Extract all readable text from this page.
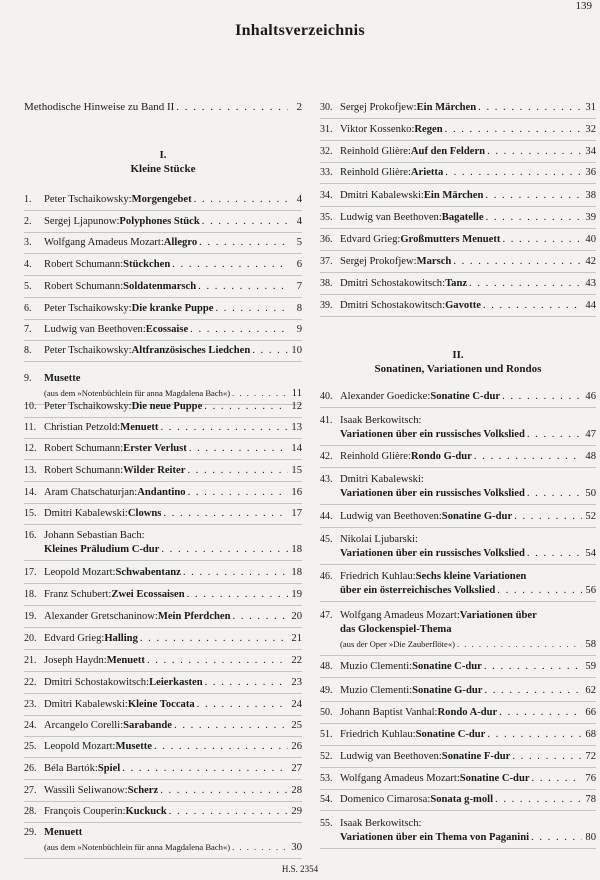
139
Inhaltsverzeichnis
Methodische Hinweise zu Band II . . .	2
I.
Kleine Stücke
1.	Peter Tschaikowsky: Morgengebet . . .	4
2.	Sergej Ljapunow: Polyphones Stück . . .	4
3.	Wolfgang Amadeus Mozart: Allegro . . .	5
4.	Robert Schumann: Stückchen . . .	6
5.	Robert Schumann: Soldatenmarsch . . .	7
6.	Peter Tschaikowsky: Die kranke Puppe . . .	8
7.	Ludwig van Beethoven: Ecossaise . . .	9
8.	Peter Tschaikowsky: Altfranzösisches Liedchen . . .	10
9.	Musette
(aus dem »Notenbüchlein für anna Magdalena Bach«) . . .	11
10. Peter Tschaikowsky: Die neue Puppe . . .	12
11. Christian Petzold: Menuett . . .	13
12. Robert Schumann: Erster Verlust . . .	14
13. Robert Schumann: Wilder Reiter . . .	15
14. Aram Chatschaturjan: Andantino . . .	16
15. Dmitri Kabalewski: Clowns . . .	17
16. Johann Sebastian Bach:
Kleines Präludium C-dur . . .	18
17. Leopold Mozart: Schwabentanz . . .	18
18. Franz Schubert: Zwei Ecossaisen . . .	19
19. Alexander Gretschaninow: Mein Pferdchen . . .	20
20. Edvard Grieg: Halling . . .	21
21. Joseph Haydn: Menuett . . .	22
22. Dmitri Schostakowitsch: Leierkasten . . .	23
23. Dmitri Kabalewski: Kleine Toccata . . .	24
24. Arcangelo Corelli: Sarabande . . .	25
25. Leopold Mozart: Musette . . .	26
26. Béla Bartók: Spiel . . .	27
27. Wassili Seliwanow: Scherz . . .	28
28. François Couperin: Kuckuck . . .	29
29. Menuett
(aus dem »Notenbüchlein für anna Magdalena Bach«) . . .	30
II.
Sonatinen, Variationen und Rondos
30. Sergej Prokofjew: Ein Märchen . . .	31
31. Viktor Kossenko: Regen . . .	32
32. Reinhold Glière: Auf den Feldern . . .	34
33. Reinhold Glière: Arietta . . .	36
34. Dmitri Kabalewski: Ein Märchen . . .	38
35. Ludwig van Beethoven: Bagatelle . . .	39
36. Edvard Grieg: Großmutters Menuett . . .	40
37. Sergej Prokofjew: Marsch . . .	42
38. Dmitri Schostakowitsch: Tanz . . .	43
39. Dmitri Schostakowitsch: Gavotte . . .	44
40. Alexander Goedicke: Sonatine C-dur . . .	46
41. Isaak Berkowitsch:
Variationen über ein russisches Volkslied . . .	47
42. Reinhold Glière: Rondo G-dur . . .	48
43. Dmitri Kabalewski:
Variationen über ein russisches Volkslied . . .	50
44. Ludwig van Beethoven: Sonatine G-dur . . .	52
45. Nikolai Ljubarski:
Variationen über ein russisches Volkslied . . .	54
46. Friedrich Kuhlau: Sechs kleine Variationen
über ein österreichisches Volkslied . . .	56
47. Wolfgang Amadeus Mozart: Variationen über
das Glockenspiel-Thema
(aus der Oper »Die Zauberflöte«) . . .	58
48. Muzio Clementi: Sonatine C-dur . . .	59
49. Muzio Clementi: Sonatine G-dur . . .	62
50. Johann Baptist Vanhal: Rondo A-dur . . .	66
51. Friedrich Kuhlau: Sonatine C-dur . . .	68
52. Ludwig van Beethoven: Sonatine F-dur . . .	72
53. Wolfgang Amadeus Mozart: Sonatine C-dur . . .	76
54. Domenico Cimarosa: Sonata g-moll . . .	78
55. Isaak Berkowitsch:
Variationen über ein Thema von Paganini . . .	80
H.S. 2354
